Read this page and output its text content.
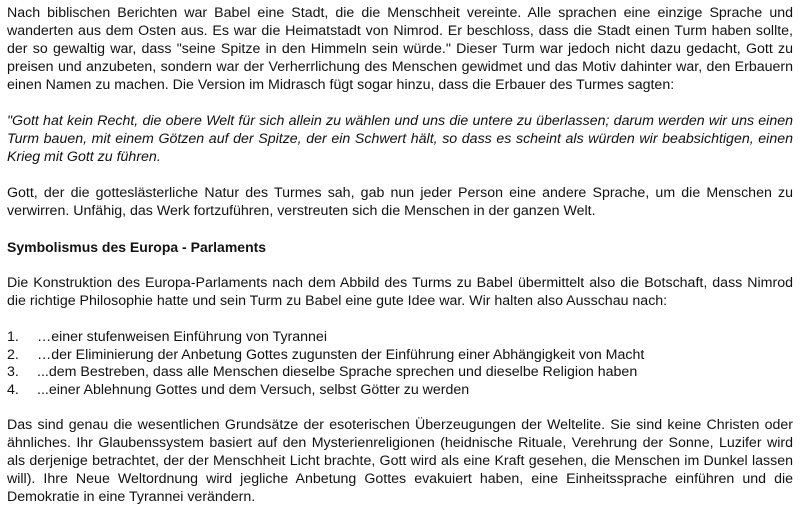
Nach biblischen Berichten war Babel eine Stadt, die die Menschheit vereinte. Alle sprachen eine einzige Sprache und wanderten aus dem Osten aus. Es war die Heimatstadt von Nimrod. Er beschloss, dass die Stadt einen Turm haben sollte, der so gewaltig war, dass "seine Spitze in den Himmeln sein würde." Dieser Turm war jedoch nicht dazu gedacht, Gott zu preisen und anzubeten, sondern war der Verherrlichung des Menschen gewidmet und das Motiv dahinter war, den Erbauern einen Namen zu machen. Die Version im Midrasch fügt sogar hinzu, dass die Erbauer des Turmes sagten:

"Gott hat kein Recht, die obere Welt für sich allein zu wählen und uns die untere zu überlassen; darum werden wir uns einen Turm bauen, mit einem Götzen auf der Spitze, der ein Schwert hält, so dass es scheint als würden wir beabsichtigen, einen Krieg mit Gott zu führen.

Gott, der die gotteslästerliche Natur des Turmes sah, gab nun jeder Person eine andere Sprache, um die Menschen zu verwirren. Unfähig, das Werk fortzuführen, verstreuten sich die Menschen in der ganzen Welt.

Symbolismus des Europa - Parlaments

Die Konstruktion des Europa-Parlaments nach dem Abbild des Turms zu Babel übermittelt also die Botschaft, dass Nimrod die richtige Philosophie hatte und sein Turm zu Babel eine gute Idee war. Wir halten also Ausschau nach:

1.	…einer stufenweisen Einführung von Tyrannei
2.	…der Eliminierung der Anbetung Gottes zugunsten der Einführung einer Abhängigkeit von Macht
3.	...dem Bestreben, dass alle Menschen dieselbe Sprache sprechen und dieselbe Religion haben
4.	...einer Ablehnung Gottes und dem Versuch, selbst Götter zu werden

Das sind genau die wesentlichen Grundsätze der esoterischen Überzeugungen der Weltelite. Sie sind keine Christen oder ähnliches. Ihr Glaubenssystem basiert auf den Mysterienreligionen (heidnische Rituale, Verehrung der Sonne, Luzifer wird als derjenige betrachtet, der der Menschheit Licht brachte, Gott wird als eine Kraft gesehen, die Menschen im Dunkel lassen will). Ihre Neue Weltordnung wird jegliche Anbetung Gottes evakuiert haben, eine Einheitssprache einführen und die Demokratie in eine Tyrannei verändern.
